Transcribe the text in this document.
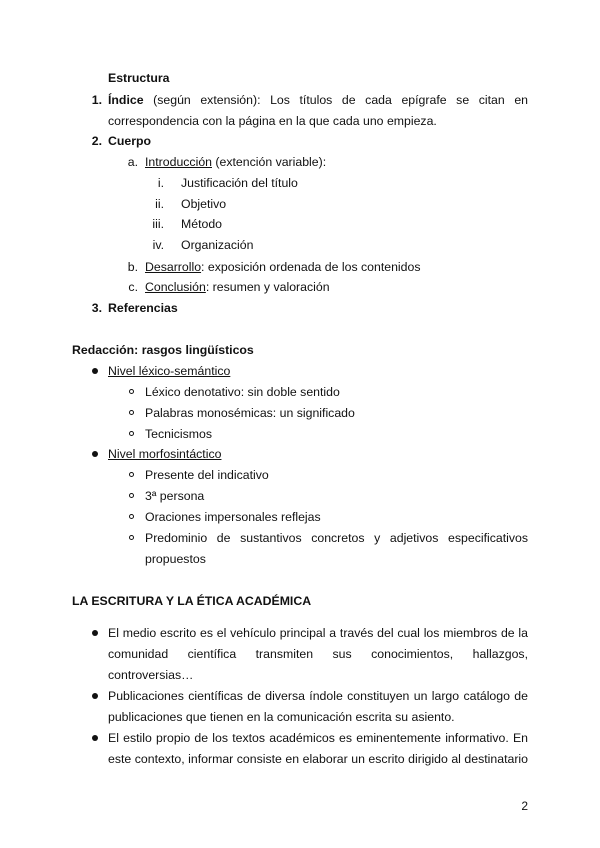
Estructura
1. Índice (según extensión): Los títulos de cada epígrafe se citan en
correspondencia con la página en la que cada uno empieza.
2. Cuerpo
a. Introducción (extención variable):
i. Justificación del título
ii. Objetivo
iii. Método
iv. Organización
b. Desarrollo: exposición ordenada de los contenidos
c. Conclusión: resumen y valoración
3. Referencias
Redacción: rasgos lingüísticos
Nivel léxico-semántico
Léxico denotativo: sin doble sentido
Palabras monosémicas: un significado
Tecnicismos
Nivel morfosintáctico
Presente del indicativo
3ª persona
Oraciones impersonales reflejas
Predominio de sustantivos concretos y adjetivos especificativos
propuestos
LA ESCRITURA Y LA ÉTICA ACADÉMICA
El medio escrito es el vehículo principal a través del cual los miembros de la
comunidad científica transmiten sus conocimientos, hallazgos,
controversias…
Publicaciones científicas de diversa índole constituyen un largo catálogo de
publicaciones que tienen en la comunicación escrita su asiento.
El estilo propio de los textos académicos es eminentemente informativo. En
este contexto, informar consiste en elaborar un escrito dirigido al destinatario
2
